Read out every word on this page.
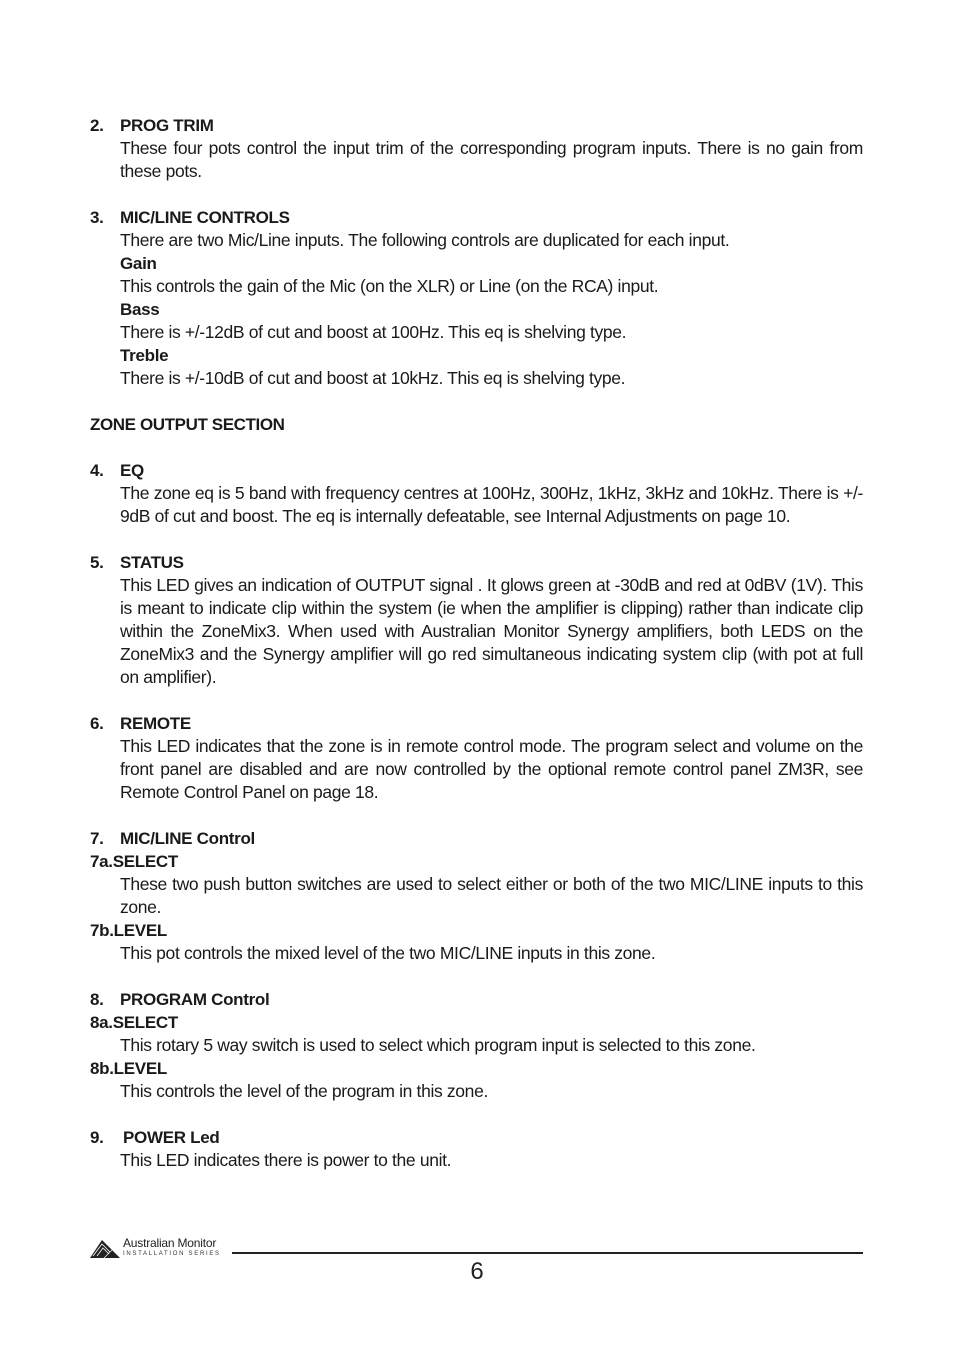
2. PROG TRIM
These four pots control the input trim of the corresponding program inputs. There is no gain from these pots.
3. MIC/LINE CONTROLS
There are two Mic/Line inputs. The following controls are duplicated for each input.
Gain
This controls the gain of the Mic (on the XLR) or Line (on the RCA) input.
Bass
There is +/-12dB of cut and boost at 100Hz. This eq is shelving type.
Treble
There is +/-10dB of cut and boost at 10kHz. This eq is shelving type.
ZONE OUTPUT SECTION
4. EQ
The zone eq is 5 band with frequency centres at 100Hz, 300Hz, 1kHz, 3kHz and 10kHz. There is +/- 9dB of cut and boost. The eq is internally defeatable, see Internal Adjustments on page 10.
5. STATUS
This LED gives an indication of OUTPUT signal . It glows green at -30dB and red at 0dBV (1V). This is meant to indicate clip within the system (ie when the amplifier is clipping) rather than indicate clip within the ZoneMix3. When used with Australian Monitor Synergy amplifiers, both LEDS on the ZoneMix3 and the Synergy amplifier will go red simultaneous indicating system clip (with pot at full on amplifier).
6. REMOTE
This LED indicates that the zone is in remote control mode. The program select and volume on the front panel are disabled and are now controlled by the optional remote control panel ZM3R, see Remote Control Panel on page 18.
7. MIC/LINE Control
7a.SELECT
These two push button switches are used to select either or both of the two MIC/LINE inputs to this zone.
7b.LEVEL
This pot controls the mixed level of the two MIC/LINE inputs in this zone.
8. PROGRAM Control
8a.SELECT
This rotary 5 way switch is used to select which program input is selected to this zone.
8b.LEVEL
This controls the level of the program in this zone.
9.	POWER Led
This LED indicates there is power to the unit.
Australian Monitor
INSTALLATION SERIES
6
